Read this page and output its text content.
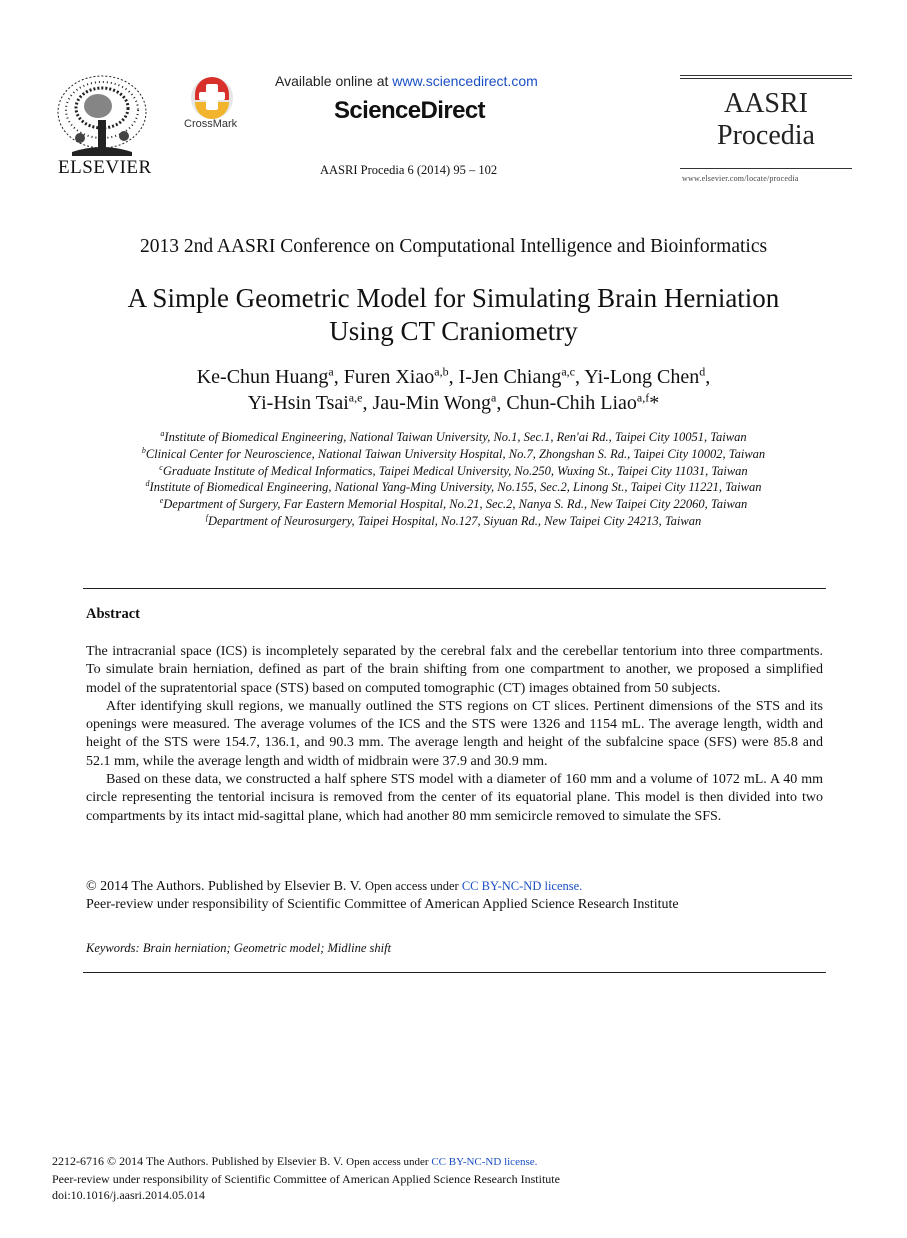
ELSEVIER
CrossMark
Available online at www.sciencedirect.com
ScienceDirect
AASRI Procedia 6 (2014) 95 – 102
AASRI
Procedia
www.elsevier.com/locate/procedia
2013 2nd AASRI Conference on Computational Intelligence and Bioinformatics
A Simple Geometric Model for Simulating Brain Herniation
Using CT Craniometry
Ke-Chun Huang$^a$, Furen Xiao$^{a,b}$, I-Jen Chiang$^{a,c}$, Yi-Long Chen$^d$,
Yi-Hsin Tsai$^{a,e}$, Jau-Min Wong$^a$, Chun-Chih Liao$^{a,f}$*
$^a$Institute of Biomedical Engineering, National Taiwan University, No.1, Sec.1, Ren'ai Rd., Taipei City 10051, Taiwan
$^b$Clinical Center for Neuroscience, National Taiwan University Hospital, No.7, Zhongshan S. Rd., Taipei City 10002, Taiwan
$^c$Graduate Institute of Medical Informatics, Taipei Medical University, No.250, Wuxing St., Taipei City 11031, Taiwan
$^d$Institute of Biomedical Engineering, National Yang-Ming University, No.155, Sec.2, Linong St., Taipei City 11221, Taiwan
$^e$Department of Surgery, Far Eastern Memorial Hospital, No.21, Sec.2, Nanya S. Rd., New Taipei City 22060, Taiwan
$^f$Department of Neurosurgery, Taipei Hospital, No.127, Siyuan Rd., New Taipei City 24213, Taiwan
Abstract

The intracranial space (ICS) is incompletely separated by the cerebral falx and the cerebellar tentorium into three compartments. To simulate brain herniation, defined as part of the brain shifting from one compartment to another, we proposed a simplified model of the supratentorial space (STS) based on computed tomographic (CT) images obtained from 50 subjects.

After identifying skull regions, we manually outlined the STS regions on CT slices. Pertinent dimensions of the STS and its openings were measured. The average volumes of the ICS and the STS were 1326 and 1154 mL. The average length, width and height of the STS were 154.7, 136.1, and 90.3 mm. The average length and height of the subfalcine space (SFS) were 85.8 and 52.1 mm, while the average length and width of midbrain were 37.9 and 30.9 mm.

Based on these data, we constructed a half sphere STS model with a diameter of 160 mm and a volume of 1072 mL. A 40 mm circle representing the tentorial incisura is removed from the center of its equatorial plane. This model is then divided into two compartments by its intact mid-sagittal plane, which had another 80 mm semicircle removed to simulate the SFS.

© 2014 The Authors. Published by Elsevier B. V. Open access under CC BY-NC-ND license.
Peer-review under responsibility of Scientific Committee of American Applied Science Research Institute
Keywords: Brain herniation; Geometric model; Midline shift
2212-6716 © 2014 The Authors. Published by Elsevier B. V. Open access under CC BY-NC-ND license.
Peer-review under responsibility of Scientific Committee of American Applied Science Research Institute
doi:10.1016/j.aasri.2014.05.014
